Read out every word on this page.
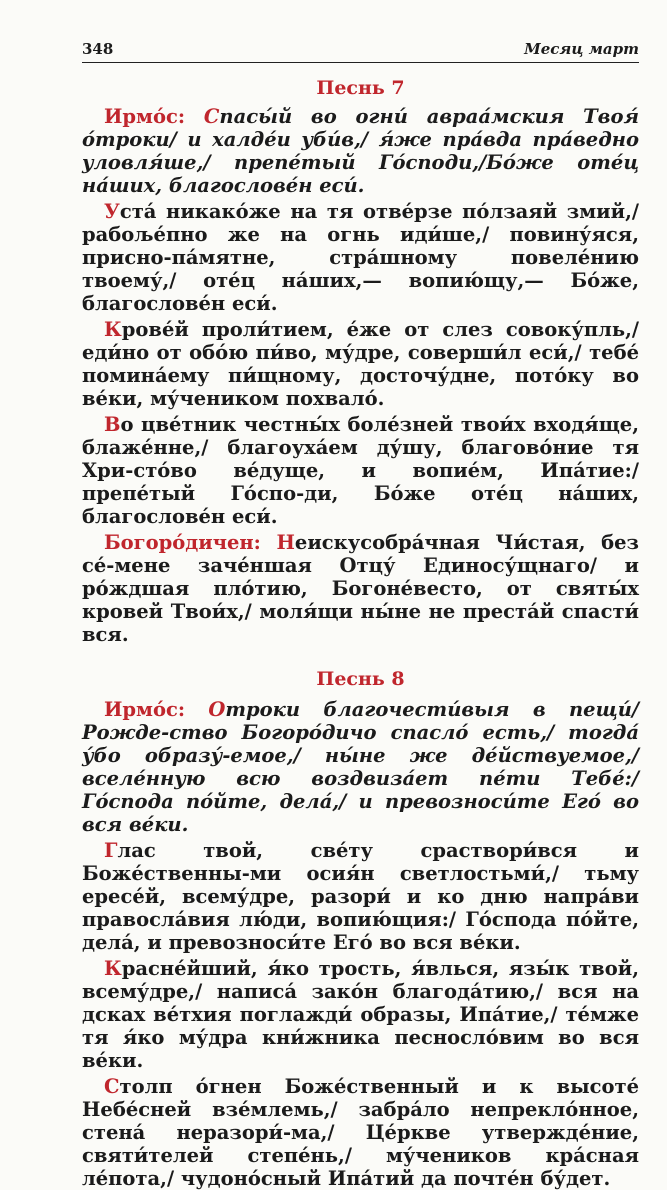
348	Месяц март
Песнь 7

Ирмо́с: Спасы́й во огни́ авраа́мския Твоя́ о́троки/ и халде́и уби́в,/ я́же пра́вда пра́ведно уловля́ше,/ препе́тый Го́споди,/Бо́же оте́ц на́ших, благослове́н еси́.

Уста́ никако́же на тя отве́рзе по́лзаяй змий,/ рабоље́пно же на огнь иди́ше,/ повину́яся, присно-па́мятне, стра́шному повеле́нию твоему́,/ оте́ц на́ших,— вопию́щу,— Бо́же, благослове́н еси́.

Крове́й проли́тием, е́же от слез совоку́пль,/ еди́но от обо́ю пи́во, му́дре, соверши́л еси́,/ тебе́ помина́ему пи́щному, досточу́дне, пото́ку во ве́ки, му́чеником похвало́.

Во цве́тник честны́х боле́зней твои́х входя́ще, блаже́нне,/ благоуха́ем ду́шу, благово́ние тя Хри-сто́во ве́дуще, и вопие́м, Ипа́тие:/ препе́тый Го́спо-ди, Бо́же оте́ц на́ших, благослове́н еси́.

Богоро́дичен: Неискусобра́чная Чи́стая, без се́-мене заче́ншая Отцу́ Единосу́щнаго/ и ро́ждшая пло́тию, Богоне́весто, от святы́х кровей Твои́х,/ моля́щи ны́не не преста́й спасти́ вся.

Песнь 8

Ирмо́с: Отроки благочести́выя в пещи́/ Рожде-ство Богоро́дичо спасло́ есть,/ тогда́ у́бо образу́-емое,/ ны́не же де́йствуемое,/ вселе́нную всю воздвиза́ет пе́ти Тебе́:/ Го́спода по́йте, дела́,/ и превозноси́те Его́ во вся ве́ки.

Глас твой, све́ту сраствори́вся и Боже́ственны-ми осия́н светлостьми́,/ тьму ересе́й, всему́дре, разори́ и ко дню напра́ви правосла́вия лю́ди, вопию́щия:/ Го́спода по́йте, дела́, и превозноси́те Его́ во вся ве́ки.

Красне́йший, я́ко трость, я́влься, язы́к твой, всему́дре,/ написа́ зако́н благода́тию,/ вся на дсках ве́тхия поглажди́ образы, Ипа́тие,/ те́мже тя я́ко му́дра кни́жника песносло́вим во вся ве́ки.

Столп о́гнен Боже́ственный и к высоте́ Небе́сней взе́млемь,/ забра́ло непрекло́нное, стена́ неразори́-ма,/ Це́ркве утвержде́ние, святи́телей степе́нь,/ му́чеников кра́сная ле́пота,/ чудоно́сный Ипа́тий да почте́н бу́дет.
